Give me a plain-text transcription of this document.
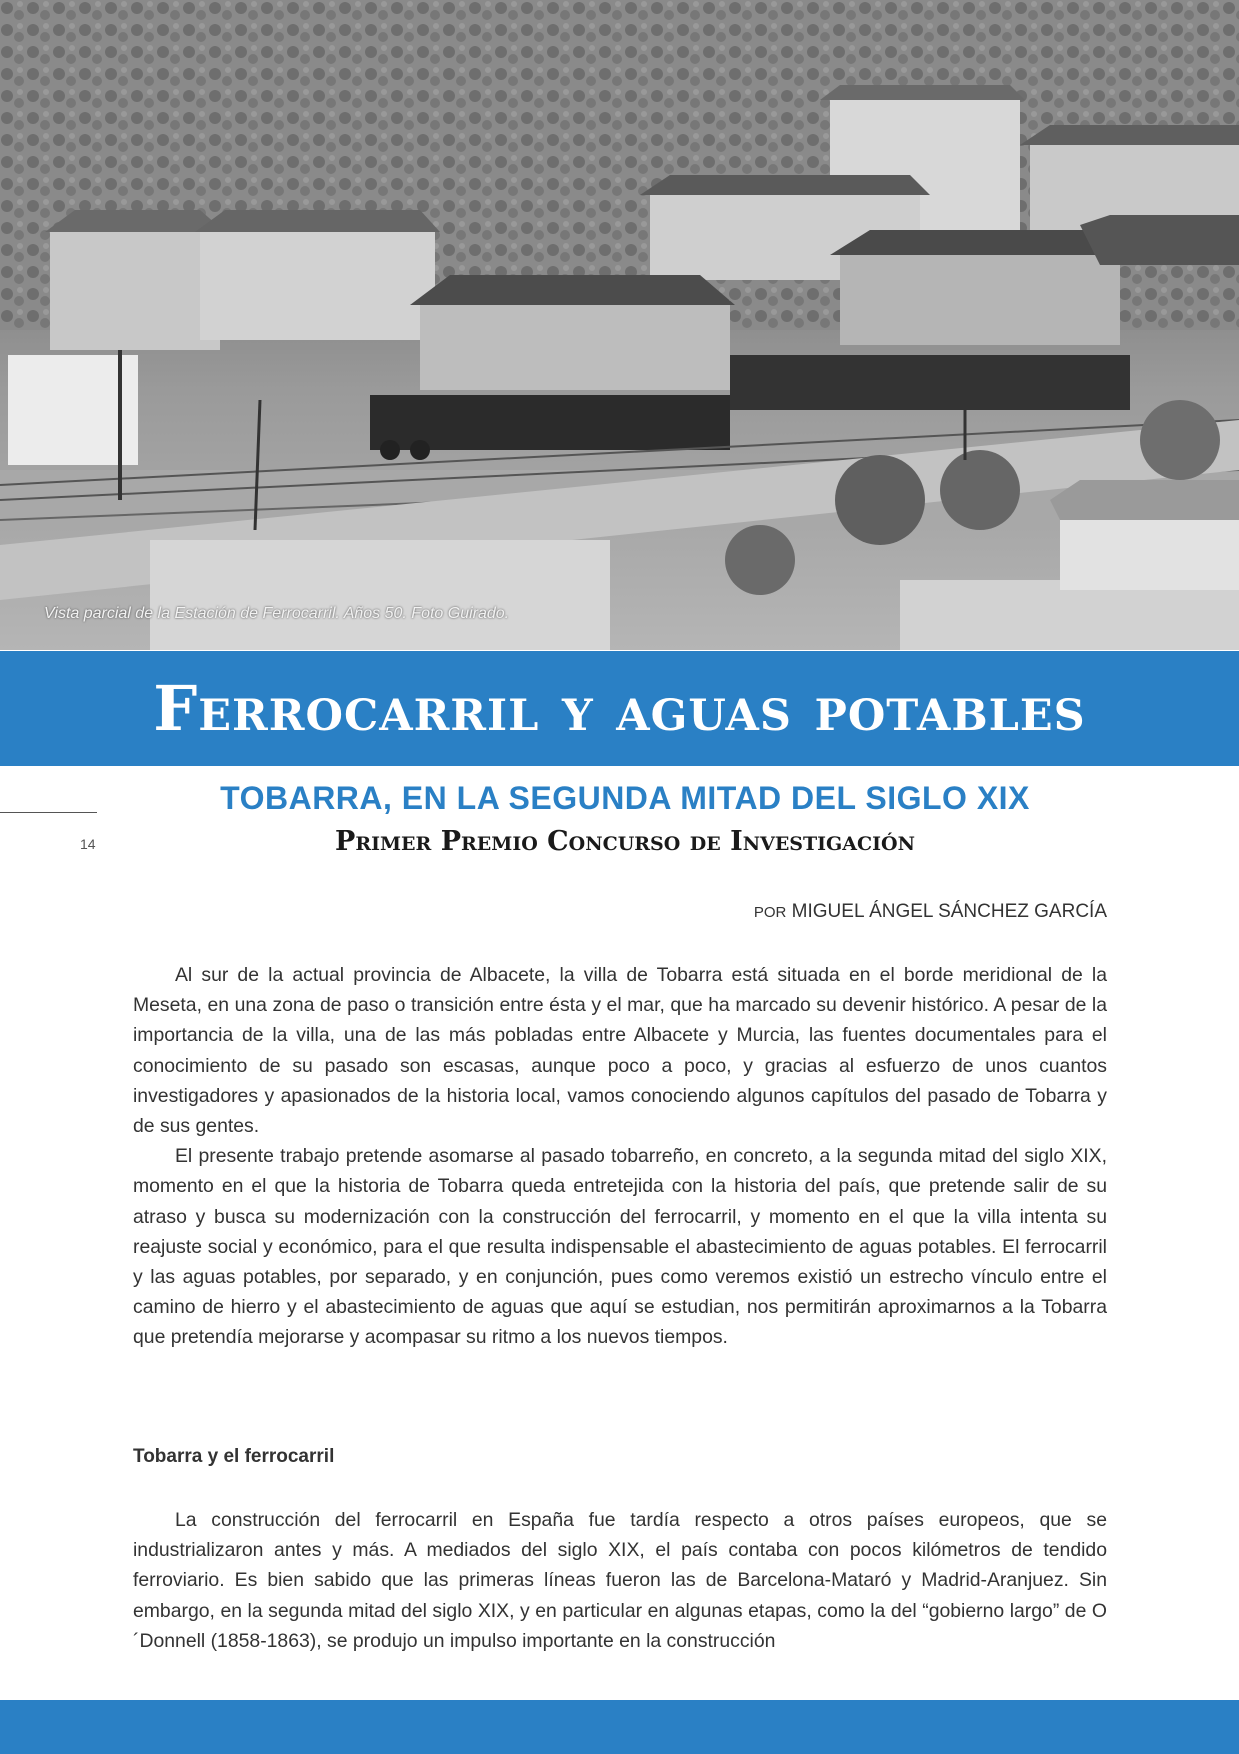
Vista parcial de la Estación de Ferrocarril. Años 50. Foto Guirado.
Ferrocarril y aguas potables
14
TOBARRA, EN LA SEGUNDA MITAD DEL SIGLO XIX
Primer Premio Concurso de Investigación
POR MIGUEL ÁNGEL SÁNCHEZ GARCÍA

Al sur de la actual provincia de Albacete, la villa de Tobarra está situada en el borde meridional de la Meseta, en una zona de paso o transición entre ésta y el mar, que ha marcado su devenir histórico. A pesar de la importancia de la villa, una de las más pobladas entre Albacete y Murcia, las fuentes documentales para el conocimiento de su pasado son escasas, aunque poco a poco, y gracias al esfuerzo de unos cuantos investigadores y apasionados de la historia local, vamos conociendo algunos capítulos del pasado de Tobarra y de sus gentes.

El presente trabajo pretende asomarse al pasado tobarreño, en concreto, a la segunda mitad del siglo XIX, momento en el que la historia de Tobarra queda entretejida con la historia del país, que pretende salir de su atraso y busca su modernización con la construcción del ferrocarril, y momento en el que la villa intenta su reajuste social y económico, para el que resulta indispensable el abastecimiento de aguas potables. El ferrocarril y las aguas potables, por separado, y en conjunción, pues como veremos existió un estrecho vínculo entre el camino de hierro y el abastecimiento de aguas que aquí se estudian, nos permitirán aproximarnos a la Tobarra que pretendía mejorarse y acompasar su ritmo a los nuevos tiempos.

Tobarra y el ferrocarril

La construcción del ferrocarril en España fue tardía respecto a otros países europeos, que se industrializaron antes y más. A mediados del siglo XIX, el país contaba con pocos kilómetros de tendido ferroviario. Es bien sabido que las primeras líneas fueron las de Barcelona-Mataró y Madrid-Aranjuez. Sin embargo, en la segunda mitad del siglo XIX, y en particular en algunas etapas, como la del “gobierno largo” de O´Donnell (1858-1863), se produjo un impulso importante en la construcción
